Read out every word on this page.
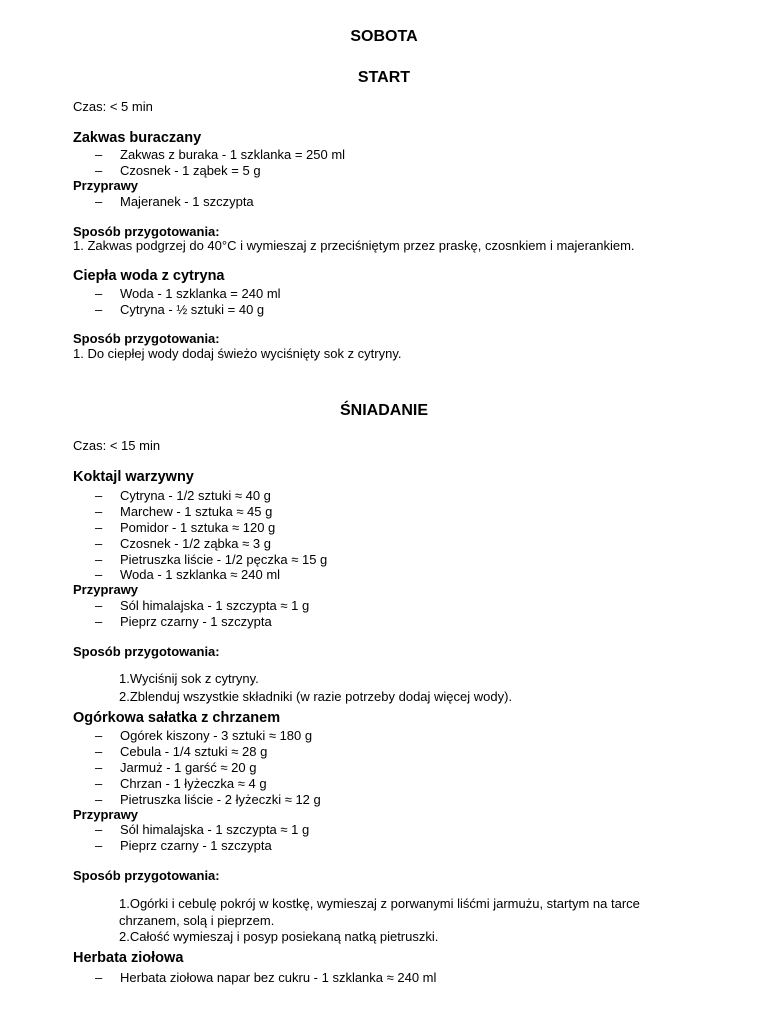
SOBOTA
START

Czas: < 5 min

Zakwas buraczany

– Zakwas z buraka - 1 szklanka = 250 ml
– Czosnek - 1 ząbek = 5 g

Przyprawy

– Majeranek - 1 szczypta

Sposób przygotowania:

1. Zakwas podgrzej do 40°C i wymieszaj z przeciśniętym przez praskę, czosnkiem i majerankiem.

Ciepła woda z cytryna

– Woda - 1 szklanka = 240 ml
– Cytryna - ½ sztuki = 40 g

Sposób przygotowania:

1. Do ciepłej wody dodaj świeżo wyciśnięty sok z cytryny.

ŚNIADANIE

Czas: < 15 min

Koktajl warzywny

– Cytryna - 1/2 sztuki ≈ 40 g
– Marchew - 1 sztuka ≈ 45 g
– Pomidor - 1 sztuka ≈ 120 g
– Czosnek - 1/2 ząbka ≈ 3 g
– Pietruszka liście - 1/2 pęczka ≈ 15 g
– Woda - 1 szklanka ≈ 240 ml

Przyprawy

– Sól himalajska - 1 szczypta ≈ 1 g
– Pieprz czarny - 1 szczypta

Sposób przygotowania:

1.Wyciśnij sok z cytryny.

2.Zblenduj wszystkie składniki (w razie potrzeby dodaj więcej wody).

Ogórkowa sałatka z chrzanem

– Ogórek kiszony - 3 sztuki ≈ 180 g
– Cebula - 1/4 sztuki ≈ 28 g
– Jarmuż - 1 garść ≈ 20 g
– Chrzan - 1 łyżeczka ≈ 4 g
– Pietruszka liście - 2 łyżeczki ≈ 12 g

Przyprawy

– Sól himalajska - 1 szczypta ≈ 1 g
– Pieprz czarny - 1 szczypta

Sposób przygotowania:

1.Ogórki i cebulę pokrój w kostkę, wymieszaj z porwanymi liśćmi jarmużu, startym na tarce

chrzanem, solą i pieprzem.

2.Całość wymieszaj i posyp posiekaną natką pietruszki.

Herbata ziołowa

– Herbata ziołowa napar bez cukru - 1 szklanka ≈ 240 ml
